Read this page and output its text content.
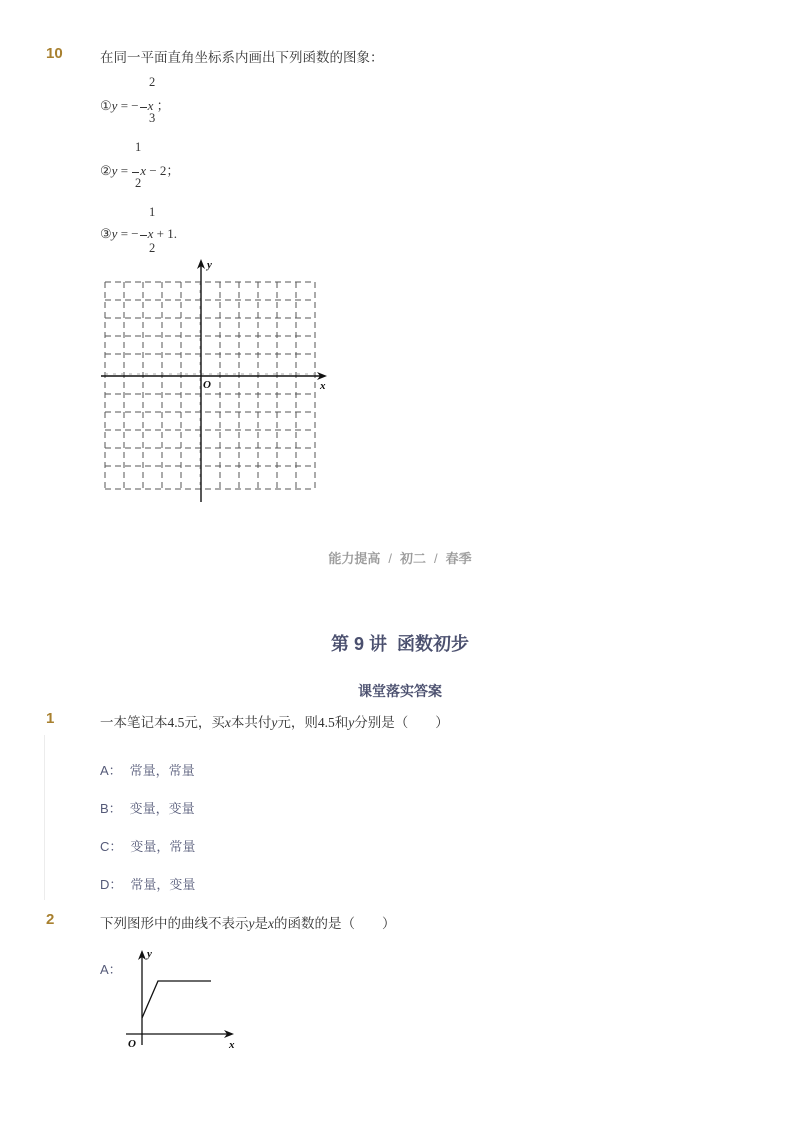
10	在同一平面直角坐标系内画出下列函数的图象：
2
3
①y = − x ；
1
2
②y = x − 2；
1
2
③y = − x + 1.
x
y
O
能力提高 / 初二 / 春季
第 9 讲  函数初步
课堂落实答案
1	一本笔记本4.5元，买x本共付y元，则4.5和y分别是（　　）
A： 常量，常量
B： 变量，变量
C： 变量，常量
D： 常量，变量
2	下列图形中的曲线不表示y是x的函数的是（　　）
A：
x
y
O
